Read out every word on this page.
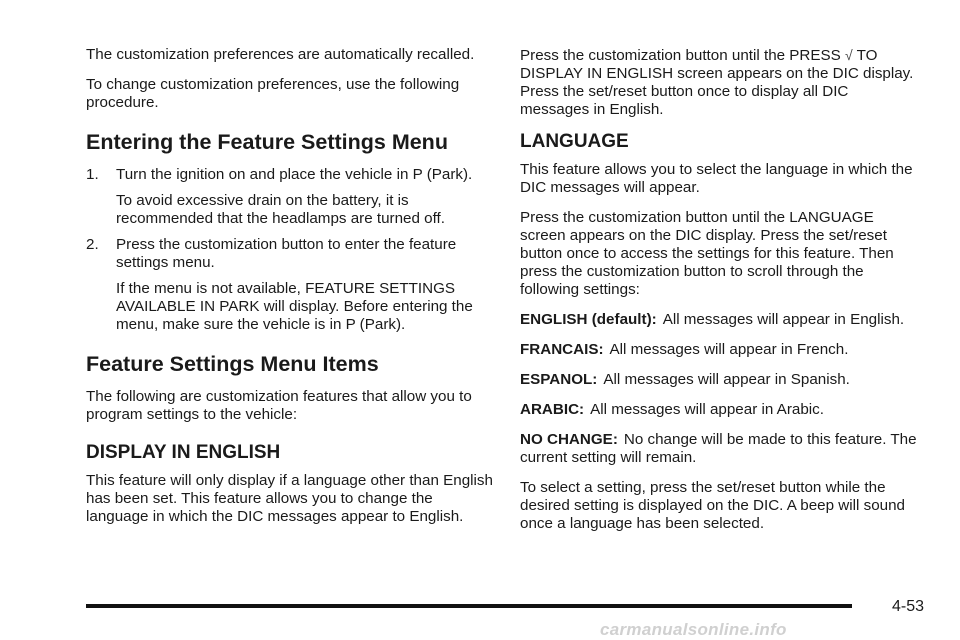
The customization preferences are automatically recalled.

To change customization preferences, use the following procedure.

Entering the Feature Settings Menu
1.	Turn the ignition on and place the vehicle in P (Park).
To avoid excessive drain on the battery, it is recommended that the headlamps are turned off.
2.	Press the customization button to enter the feature settings menu.
If the menu is not available, FEATURE SETTINGS AVAILABLE IN PARK will display. Before entering the menu, make sure the vehicle is in P (Park).
Feature Settings Menu Items

The following are customization features that allow you to program settings to the vehicle:

DISPLAY IN ENGLISH

This feature will only display if a language other than English has been set. This feature allows you to change the language in which the DIC messages appear to English.

Press the customization button until the PRESS √ TO DISPLAY IN ENGLISH screen appears on the DIC display. Press the set/reset button once to display all DIC messages in English.

LANGUAGE

This feature allows you to select the language in which the DIC messages will appear.

Press the customization button until the LANGUAGE screen appears on the DIC display. Press the set/reset button once to access the settings for this feature. Then press the customization button to scroll through the following settings:

ENGLISH (default): All messages will appear in English.
FRANCAIS: All messages will appear in French.
ESPANOL: All messages will appear in Spanish.
ARABIC: All messages will appear in Arabic.
NO CHANGE: No change will be made to this feature. The current setting will remain.

To select a setting, press the set/reset button while the desired setting is displayed on the DIC. A beep will sound once a language has been selected.

4-53
carmanualsonline.info
